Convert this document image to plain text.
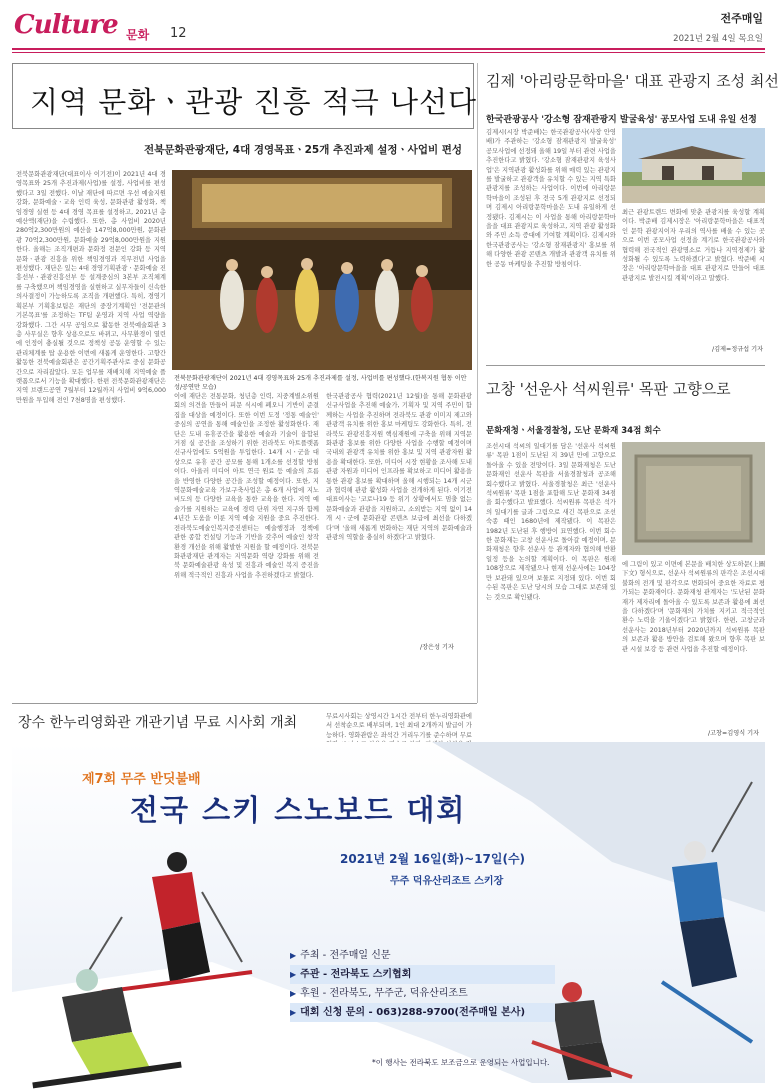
Culture 문화 12
전주매일
2021년 2월 4일 목요일
지역 문화ㆍ관광 진흥 적극 나선다
전북문화관광재단, 4대 경영목표ㆍ25개 추진과제 설정ㆍ사업비 편성
전북문화관광재단(대표이사 이기전)이 2021년 4대 경영목표와 25개 추진과제(사업)를 설정, 사업비를 편성했다고 3일 전했다. 이날 재단에 따르면 우선 예술지원 강화, 문화예술ㆍ교육 인력 육성, 문화관광 활성화, 책임경영 실현 등 4대 경영 목표를 설정하고, 2021년 총예산액(재단)을 수립했다. 또한, 총 사업비 2020년 280억2,300만원의 예산을 147억8,000만원, 문화관광 70억2,300만원, 문화예술 29억8,000만원을 지원한다. 올해는 조직개편과 문화정 전문인 강화 등 지역 문화ㆍ관광 진흥을 위한 책임경영과 직무전념 사업을 편성했다. 재단은 있는 4대 경영기획관광ㆍ문화예술 진흥선부ㆍ관광진흥선부 등 설계중심의 3본부 조직체계를 구축했으며 책임경영을 실현하고 실무자들이 신속한 의사결정이 가능하도록 조직을 개편했다. 특히, 경영기획본부 기획홍보팀은 재단의 중장기계획인 '전문관의 기본목표'를 조정하는 TF팀 운영과 지역 사업 역량을 강화했다. 그간 시무 공임으로 활동한 전북예술회관 3층 사무실은 향후 상용으로도 바뀌고, 사무환경이 열린에 인정이 충실될 것으로 정책성 공동 운영할 수 있는 관리체계를 탑 운용한 이번에 새롭게 운영한다. 고향간 활동한 전북예술회관은 공간기획주관사로 중심 문화공간으로 자리잡았다. 모든 업무를 재배치해 지역예술 플랫폼으로서 기능을 확대했다. 한편 전북문화관광재단은 지역 브랜드공연 7월부터 12월까지 사업비 9억6,000만원을 투입해 전인 7천8명을 편성했다.
전북문화관광재단이 2021년 4대 경영목표와 25개 추진과제를 설정, 사업비를 편성했다.(한복지원 협동 이안성/공연만 모습)
이에 재단은 전통문화, 청년층 인력, 지중계별소위원회의 의견을 만들어 피문 식시에 폐오니 기반이 준결집을 대상을 예정이다. 또한 이번 도정 '정통 예술인' 중심의 공연을 통해 예술인을 조정한 활성화한다. 재단은 도내 유휴공간을 활용한 예술과 기술이 융합된 거점 실 공간을 조성하기 위한 전라북도 아트플랫폼 신규사업에도 5억원을 투입한다. 14개 시ㆍ군을 대상으로 유휴 공간 공모를 통해 1개소를 선정할 방침이다. 아울러 미디어 아트 연극 원료 등 예술의 흐름을 반영한 다양한 공간을 조성할 예정이다. 또한, 지역문화예술교육 가보구축사업은 총 6개 사업에 지노비도의 등 다양한 교육을 통한 교육을 한다. 지역 예술가를 지원하는 교육에 경력 단위 자연 지구와 함께 4년간 도움을 이룬 지역 예술 지원을 중요 추진한다. 전라북도예술인복지증진센터는 예술행정과 정책에 관한 종합 컨설팅 기능과 기반을 갖추어 예술인 창작 환경 개선을 위해 활발한 지원을 할 예정이다. 전북문화관광재단 관계자는 지역문화 역량 강화를 위해 전북 문화예술관광 육성 및 진흥과 예술인 복지 증진을 위해 적극적인 진흥과 사업을 추진하겠다고 밝혔다.
한국관광공사 협력(2021년 12월)을 통해 문화관광 신규사업을 추진해 예술가, 기획자 및 지역 주민이 함께하는 사업을 추진하며 전라북도 관광 이미지 제고와 관광객 유치를 위한 홍보 마케팅도 강화한다. 특히, 전라북도 관광진흥지원 핵심재원에 구축을 위해 지역문화관광 홍보를 위한 다양한 사업을 수행할 예정이며 국내외 관광객 유치를 위한 홍보 및 지역 관광자원 활용을 확대한다. 또한, 미디어 시장 현황을 조사해 도내 관광 자원과 미디어 인프라를 확보하고 미디어 활용을 통한 관광 홍보를 확대하며 올해 시행되는 14개 시군과 협력해 관광 활성화 사업을 전개하게 된다. 이기전 대표이사는 '코로나19 등 위기 상황에서도 멈출 없는 문화예술과 관광을 지원하고, 소외받는 지역 없이 14개 시ㆍ군에 문화관광 콘텐츠 보급에 최선을 다하겠다'며 '올해 새롭게 변화하는 재단 지역의 문화예술과 관광의 역할을 충실히 하겠다'고 밝혔다.
/장은성 기자
김제 '아리랑문학마을' 대표 관광지 조성 최선
한국관광공사 '강소형 잠재관광지 발굴육성' 공모사업 도내 유일 선정
김제시(시장 박준배)는 한국관광공사(사장 안영배)가 주관하는 '강소형 잠재관광지 발굴육성' 공모사업에 선정돼 올해 19일 부터 관련 사업을 추진한다고 밝혔다. '강소형 잠재관광지 육성사업'은 지역관광 활성화를 위해 매력 있는 관광지를 발굴하고 관광객을 유치할 수 있는 지역 특화 관광지를 조성하는 사업이다. 이번에 아리랑문학마을이 조성된 후 전국 5개 관광지로 선정되며 김제시 아리랑문학마을은 도내 유일하게 선정됐다. 김제시는 이 사업을 통해 아리랑문학마을을 대표 관광지로 육성하고, 지역 관광 활성화와 주민 소득 증대에 기여할 계획이다. 김제시와 한국관광공사는 '강소형 잠재관광지' 홍보를 위해 다양한 관광 콘텐츠 개발과 관광객 유치를 위한 공동 마케팅을 추진할 방침이다.
최근 관광트렌드 변화에 맞춘 관광지를 육성할 계획이다. 박준배 김제시장은 '아리랑문학마을은 대표적인 문학 관광지이자 우리의 역사를 배울 수 있는 곳으로 이번 공모사업 선정을 계기로 한국관광공사와 협력해 전국적인 관광명소로 거듭나 지역경제가 활성화될 수 있도록 노력하겠다'고 밝혔다. 박준배 시장은 '아리랑문학마을을 대표 관광지로 만들어 대표 관광지로 발전시킬 계획'이라고 말했다.
/김제=정규섭 기자
고창 '선운사 석씨원류' 목판 고향으로
문화재청ㆍ서울경찰청, 도난 문화재 34점 회수
조선시대 석씨의 일대기를 담은 '선운사 석씨원류' 목판 1점이 도난된 지 39년 만에 고향으로 돌아올 수 있을 전망이다. 3일 문화재청은 도난문화재인 선운사 목판을 서울경찰청과 공조해 회수했다고 밝혔다. 서울경찰청은 최근 '선운사 석씨원류' 목판 1점을 포함해 도난 문화재 34점을 회수했다고 발표했다. 석씨원류 목판은 석가의 일대기를 글과 그림으로 새긴 목판으로 조선 숙종 때인 1680년에 제작됐다. 이 목판은 1982년 도난된 후 행방이 묘연했다. 이번 회수한 문화재는 고창 선운사로 돌아갈 예정이며, 문화재청은 향후 선운사 등 관계자와 협의해 반환 일정 등을 논의할 계획이다. 이 목판은 원래 108장으로 제작됐으나 현재 선운사에는 104장만 보관돼 있으며 보물로 지정돼 있다. 이번 회수된 목판은 도난 당시의 모습 그대로 보존돼 있는 것으로 확인됐다.
에 그림이 있고 이면에 본문을 배치한 상도하문(上圖下文) 형식으로, 선운사 석씨원류의 판각은 조선시대 불화의 전개 및 판각으로 변화되어 중요한 자료로 평가되는 문화재이다. 문화재청 관계자는 '도난된 문화재가 제자리에 돌아올 수 있도록 보존과 활용에 최선을 다하겠다'며 '문화재의 가치를 지키고 적극적인 환수 노력을 기울이겠다'고 밝혔다. 한편, 고창군과 선운사는 2018년부터 2020년까지 석씨원류 목판의 보존과 활용 방안을 검토해 왔으며 향후 목판 보관 시설 보강 등 관련 사업을 추진할 예정이다.
/고창=김영식 기자
장수 한누리영화관 개관기념 무료 시사회 개최	무료시사회는 상영시간 1시간 전부터 한누리영화관에서 선착순으로 배부되며, 1인 최대 2개까지 발급이 가능하다. 영화관람은 좌석간 거리두기를 준수하며 무료
제7회 무주 반딧불배
전국 스키 스노보드 대회
2021년 2월 16일(화)~17일(수)
무주 덕유산리조트 스키장
▶ 주최 - 전주매일 신문
▶ 주관 - 전라북도 스키협회
▶ 후원 - 전라북도, 무주군, 덕유산리조트
▶ 대회 신청 문의 - 063)288-9700(전주매일 본사)
*이 행사는 전라북도 보조금으로 운영되는 사업입니다.
